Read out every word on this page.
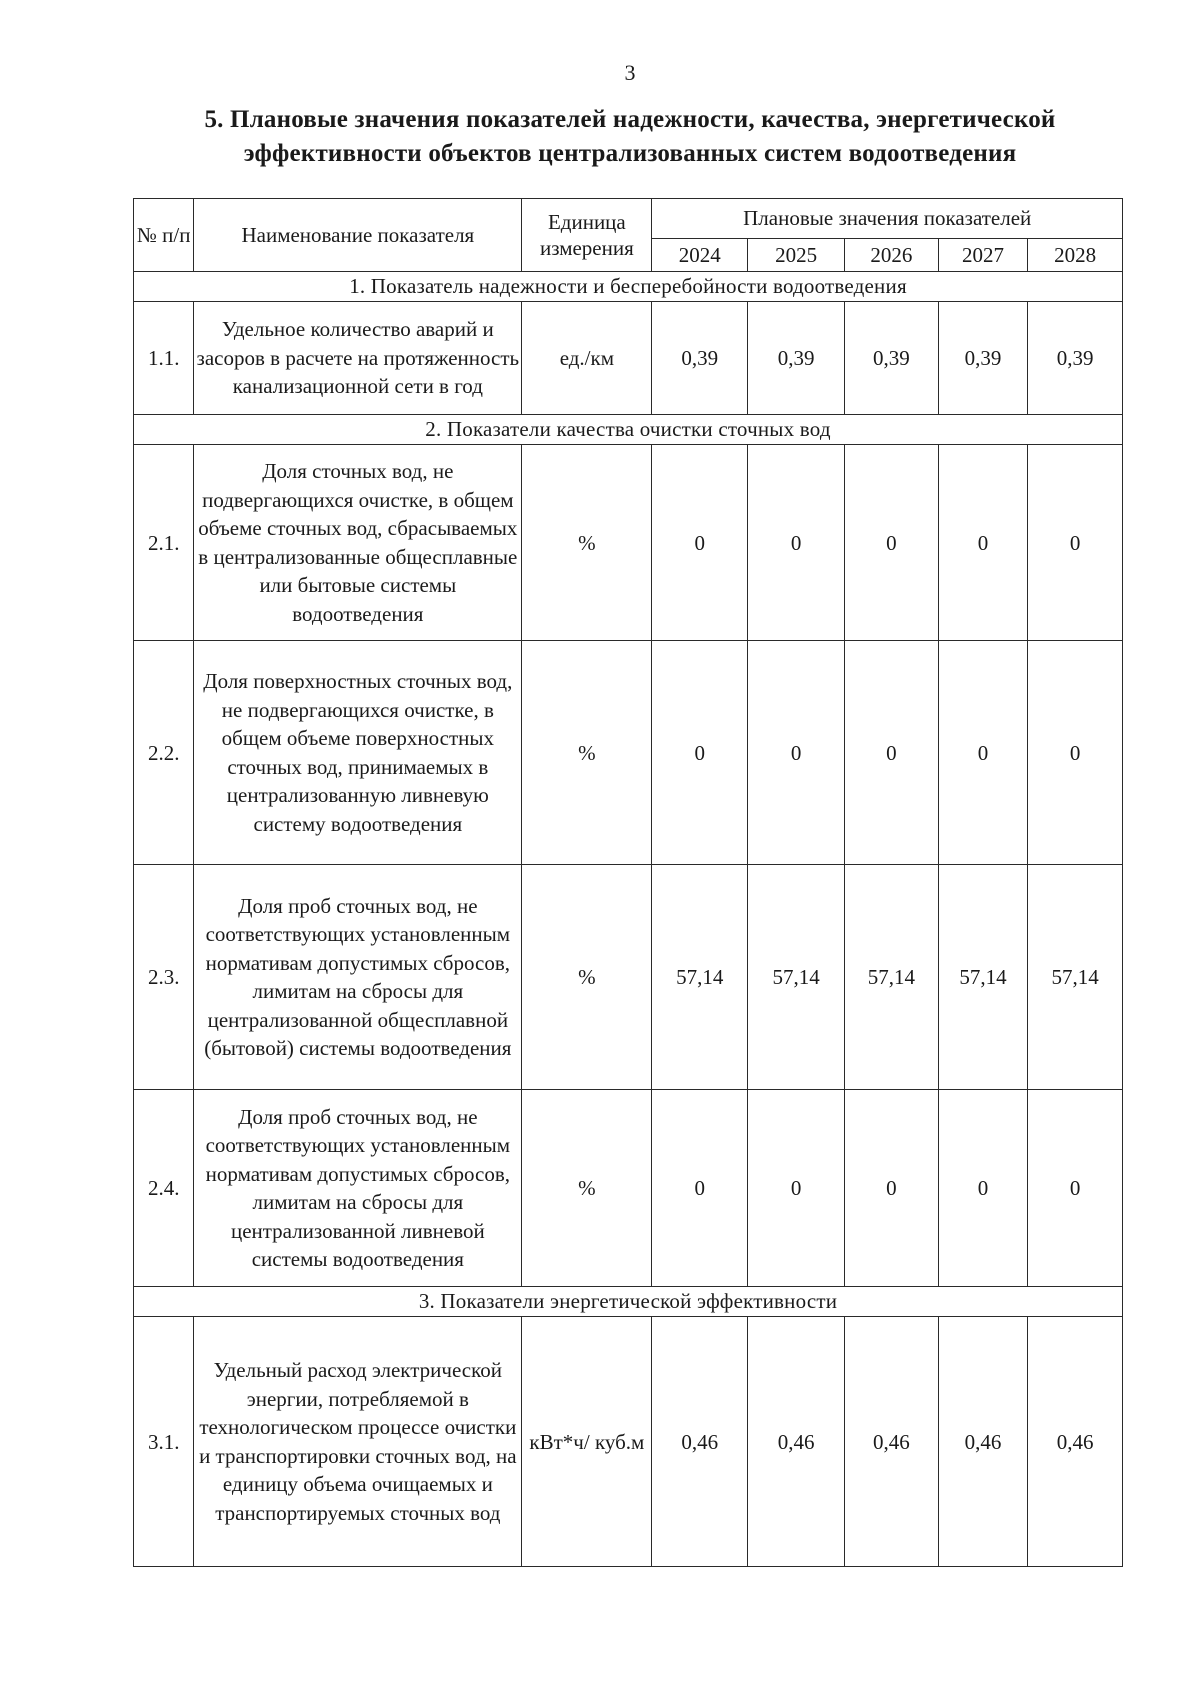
3
5. Плановые значения показателей надежности, качества, энергетической
эффективности объектов централизованных систем водоотведения
№ п/п	Наименование показателя	Единица измерения	Плановые значения показателей				
			2024	2025	2026	2027	2028
1. Показатель надежности и бесперебойности водоотведения							
1.1.	Удельное количество аварий и засоров в расчете на протяженность канализационной сети в год	ед./км	0,39	0,39	0,39	0,39	0,39
2. Показатели качества очистки сточных вод							
2.1.	Доля сточных вод, не подвергающихся очистке, в общем объеме сточных вод, сбрасываемых в централизованные общесплавные или бытовые системы водоотведения	%	0	0	0	0	0
2.2.	Доля поверхностных сточных вод, не подвергающихся очистке, в общем объеме поверхностных сточных вод, принимаемых в централизованную ливневую систему водоотведения	%	0	0	0	0	0
2.3.	Доля проб сточных вод, не соответствующих установленным нормативам допустимых сбросов, лимитам на сбросы для централизованной общесплавной (бытовой) системы водоотведения	%	57,14	57,14	57,14	57,14	57,14
2.4.	Доля проб сточных вод, не соответствующих установленным нормативам допустимых сбросов, лимитам на сбросы для централизованной ливневой системы водоотведения	%	0	0	0	0	0
3. Показатели энергетической эффективности							
3.1.	Удельный расход электрической энергии, потребляемой в технологическом процессе очистки и транспортировки сточных вод, на единицу объема очищаемых и транспортируемых сточных вод	кВт*ч/ куб.м	0,46	0,46	0,46	0,46	0,46
